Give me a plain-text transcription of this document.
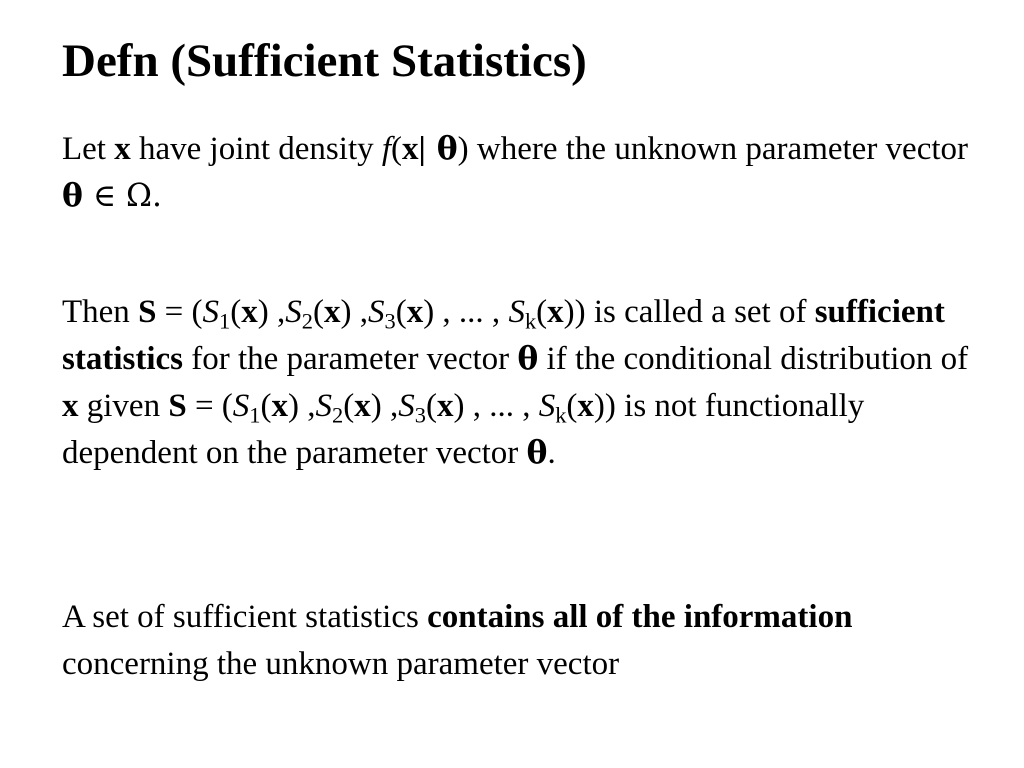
Defn (Sufficient Statistics)

Let x have joint density f(x| θ) where the unknown parameter vector θ ∈ Ω.

Then $S = (S_1(x)$ $,S_2(x)$ $,S_3(x)$ , ... , $S_k(x)$) is called a set of sufficient statistics for the parameter vector θ if the conditional distribution of x given $S = (S_1(x)$ $,S_2(x)$ $,S_3(x)$ , ... , $S_k(x)$) is not functionally dependent on the parameter vector θ.

A set of sufficient statistics contains all of the information concerning the unknown parameter vector
